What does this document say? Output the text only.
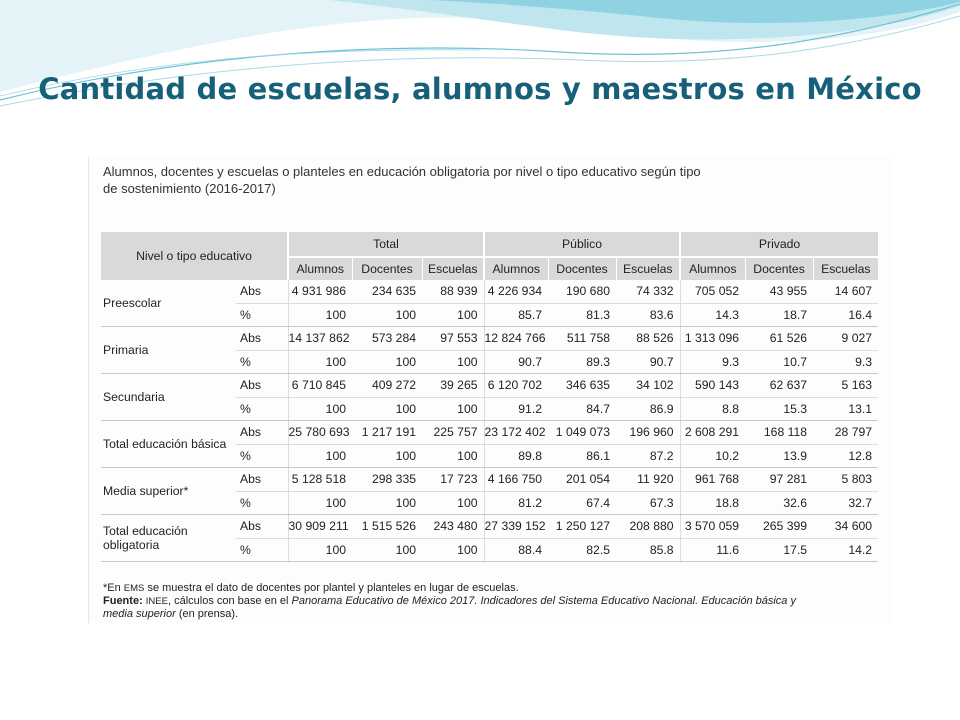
Cantidad de escuelas, alumnos y maestros en México
Alumnos, docentes y escuelas o planteles en educación obligatoria por nivel o tipo educativo según tipo
de sostenimiento (2016-2017)
Nivel o tipo educativo		Total			Público			Privado		
		Alumnos	Docentes	Escuelas	Alumnos	Docentes	Escuelas	Alumnos	Docentes	Escuelas
Preescolar	Abs	4 931 986	234 635	88 939	4 226 934	190 680	74 332	705 052	43 955	14 607
	%	100	100	100	85.7	81.3	83.6	14.3	18.7	16.4
Primaria	Abs	14 137 862	573 284	97 553	12 824 766	511 758	88 526	1 313 096	61 526	9 027
	%	100	100	100	90.7	89.3	90.7	9.3	10.7	9.3
Secundaria	Abs	6 710 845	409 272	39 265	6 120 702	346 635	34 102	590 143	62 637	5 163
	%	100	100	100	91.2	84.7	86.9	8.8	15.3	13.1
Total educación básica	Abs	25 780 693	1 217 191	225 757	23 172 402	1 049 073	196 960	2 608 291	168 118	28 797
	%	100	100	100	89.8	86.1	87.2	10.2	13.9	12.8
Media superior*	Abs	5 128 518	298 335	17 723	4 166 750	201 054	11 920	961 768	97 281	5 803
	%	100	100	100	81.2	67.4	67.3	18.8	32.6	32.7
Total educación obligatoria	Abs	30 909 211	1 515 526	243 480	27 339 152	1 250 127	208 880	3 570 059	265 399	34 600
	%	100	100	100	88.4	82.5	85.8	11.6	17.5	14.2
*En EMS se muestra el dato de docentes por plantel y planteles en lugar de escuelas.
Fuente: INEE, cálculos con base en el Panorama Educativo de México 2017. Indicadores del Sistema Educativo Nacional. Educación básica y media superior (en prensa).
